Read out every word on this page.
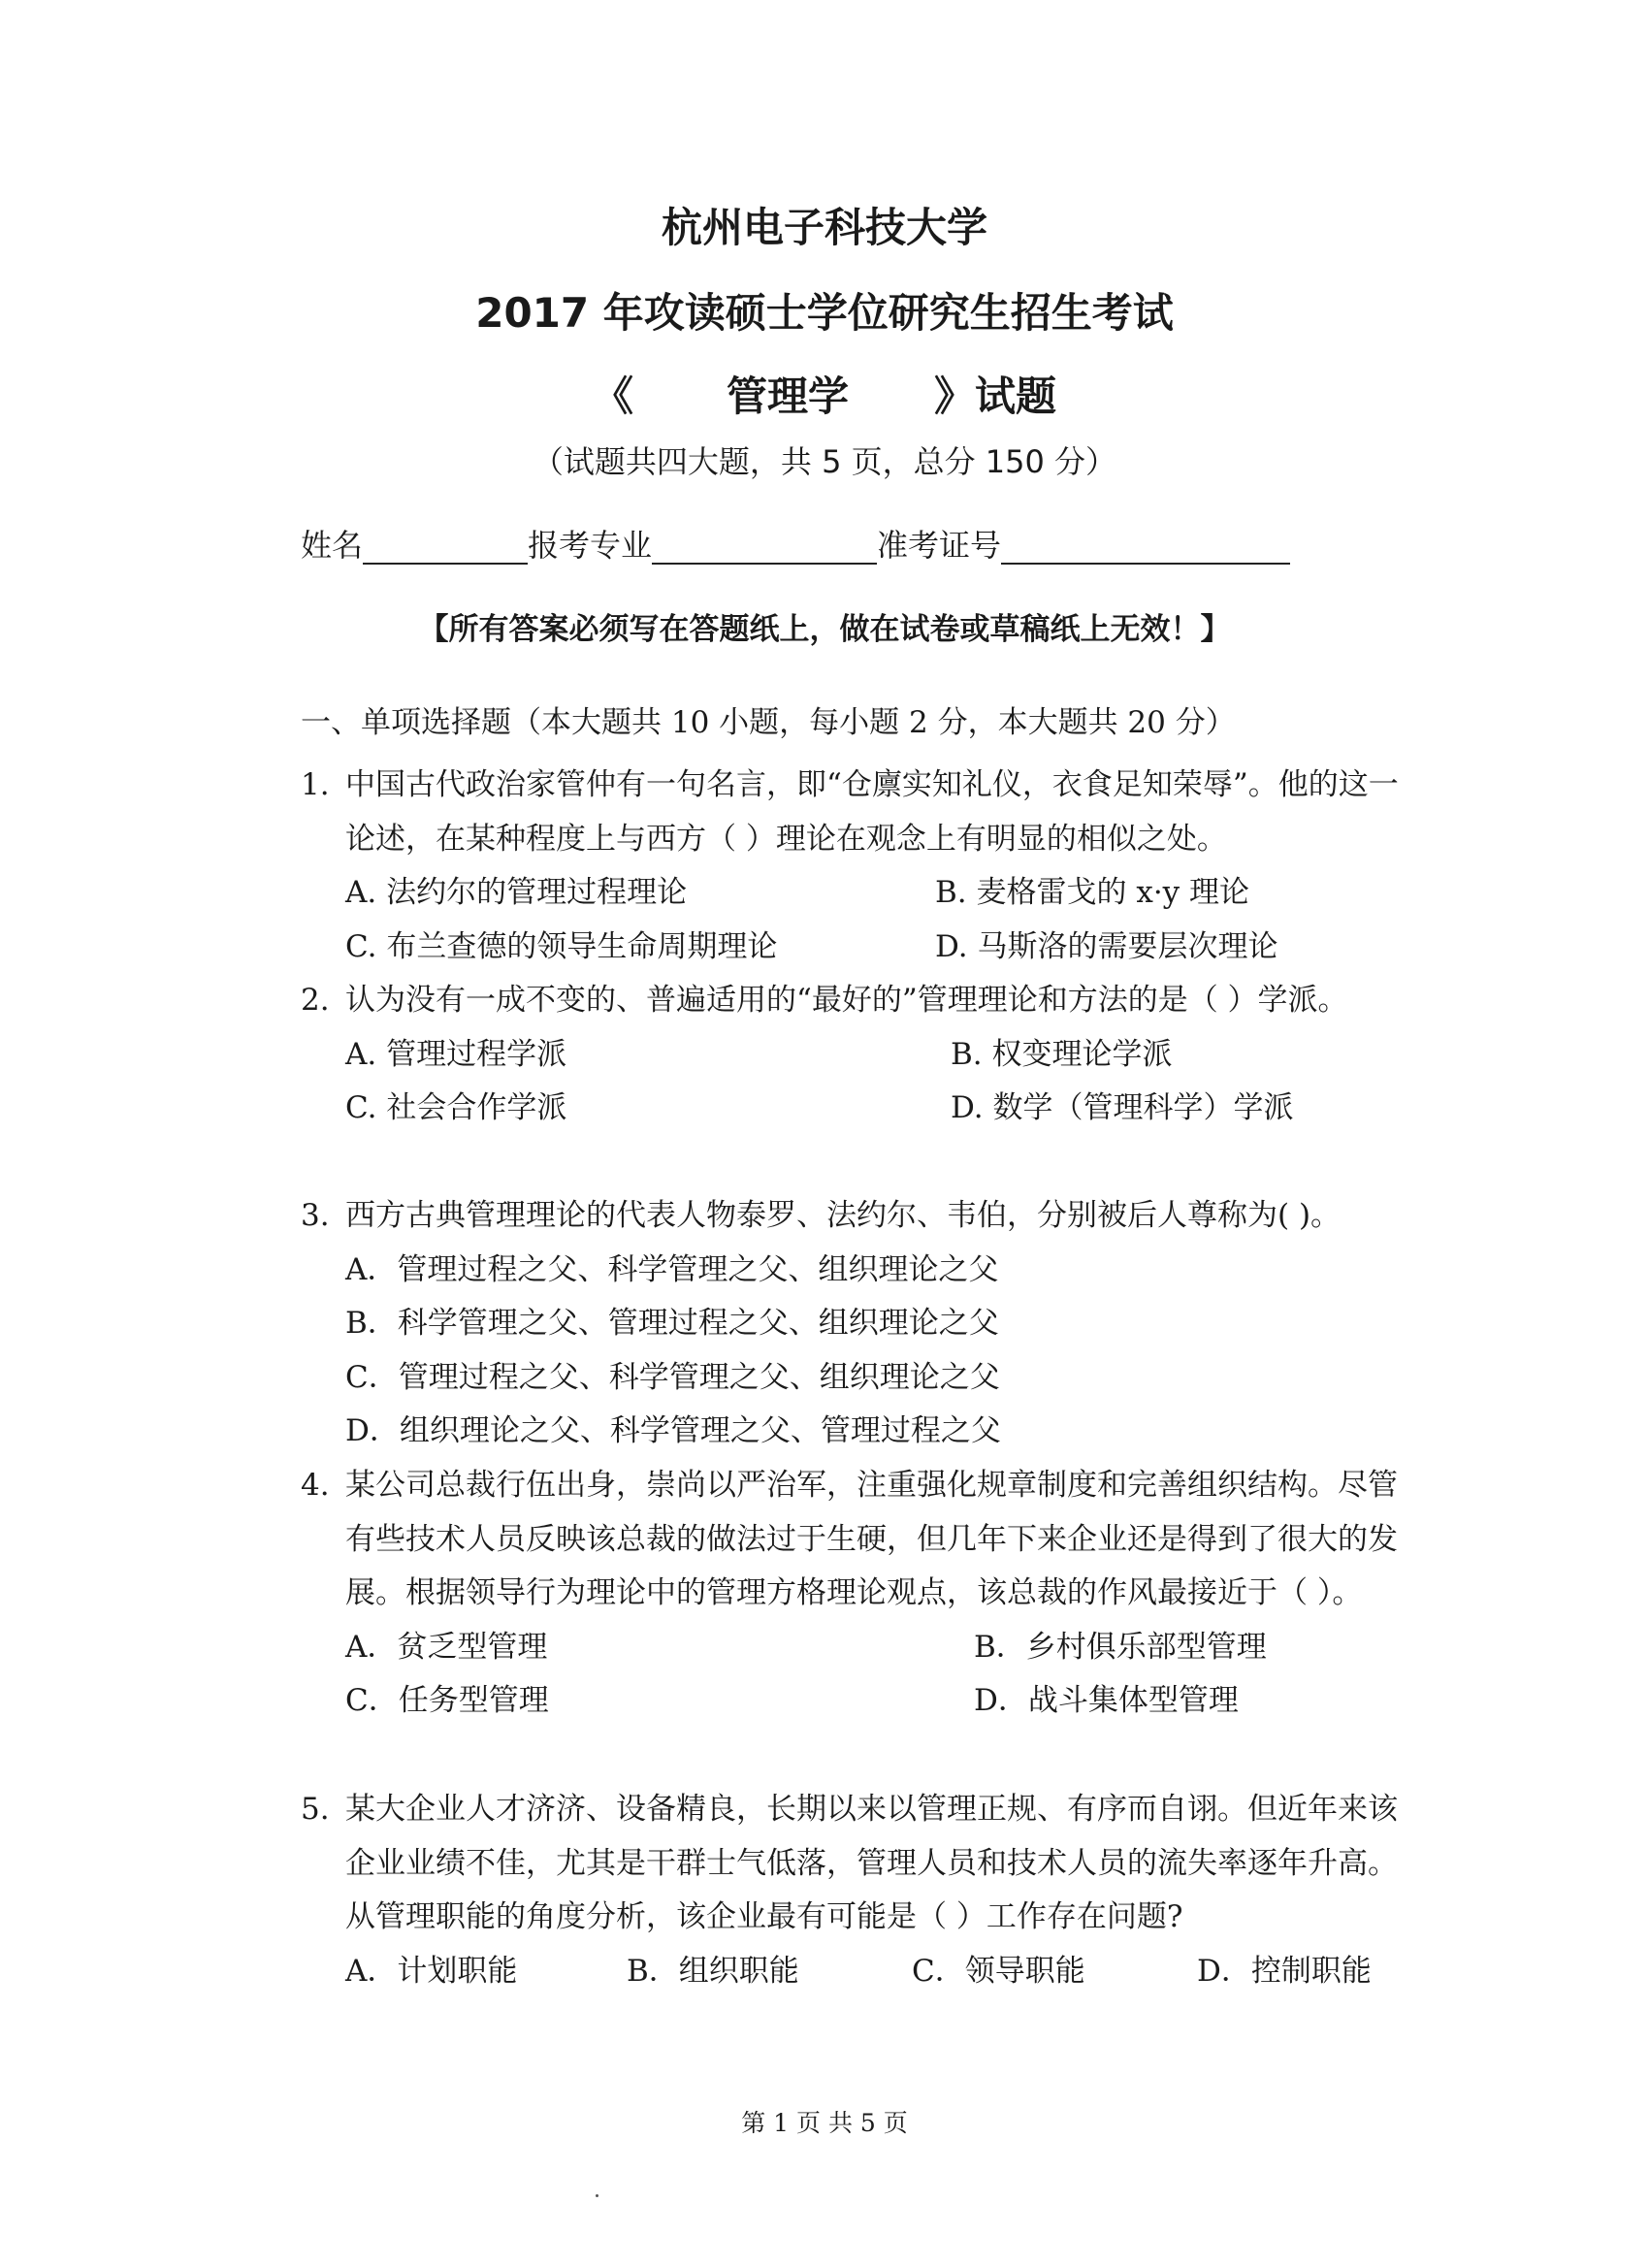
杭州电子科技大学
2017 年攻读硕士学位研究生招生考试
《 管理学 》试题
（试题共四大题，共 5 页，总分 150 分）
姓名	报考专业	准考证号
【所有答案必须写在答题纸上，做在试卷或草稿纸上无效！】
一、单项选择题（本大题共 10 小题，每小题 2 分，本大题共 20 分）
1. 中国古代政治家管仲有一句名言，即“仓廪实知礼仪，衣食足知荣辱”。他的这一论述，在某种程度上与西方（ ）理论在观念上有明显的相似之处。
A. 法约尔的管理过程理论	B. 麦格雷戈的 x·y 理论
C. 布兰查德的领导生命周期理论	D. 马斯洛的需要层次理论
2. 认为没有一成不变的、普遍适用的“最好的”管理理论和方法的是（ ）学派。
A. 管理过程学派	B. 权变理论学派
C. 社会合作学派	D. 数学（管理科学）学派
3. 西方古典管理理论的代表人物泰罗、法约尔、韦伯，分别被后人尊称为( )。
A．管理过程之父、科学管理之父、组织理论之父
B．科学管理之父、管理过程之父、组织理论之父
C．管理过程之父、科学管理之父、组织理论之父
D．组织理论之父、科学管理之父、管理过程之父
4. 某公司总裁行伍出身，崇尚以严治军，注重强化规章制度和完善组织结构。尽管有些技术人员反映该总裁的做法过于生硬，但几年下来企业还是得到了很大的发展。根据领导行为理论中的管理方格理论观点，该总裁的作风最接近于（ ）。
A．贫乏型管理	B．乡村俱乐部型管理
C．任务型管理	D．战斗集体型管理
5. 某大企业人才济济、设备精良，长期以来以管理正规、有序而自诩。但近年来该企业业绩不佳，尤其是干群士气低落，管理人员和技术人员的流失率逐年升高。从管理职能的角度分析，该企业最有可能是（ ）工作存在问题?
A．计划职能	B．组织职能	C．领导职能	D．控制职能
第 1 页 共 5 页
